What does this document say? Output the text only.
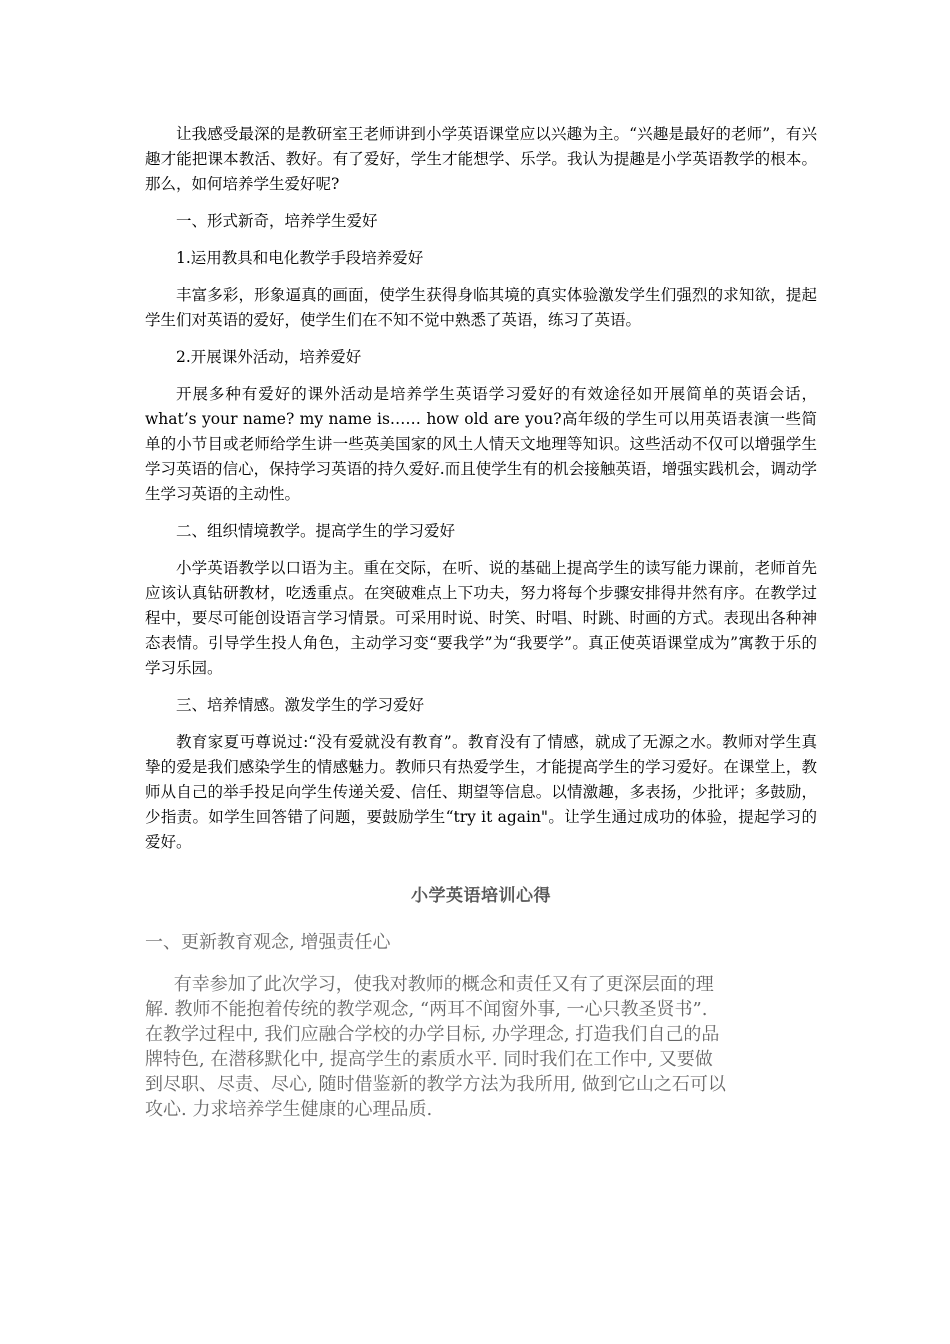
让我感受最深的是教研室王老师讲到小学英语课堂应以兴趣为主。“兴趣是最好的老师”，有兴趣才能把课本教活、教好。有了爱好，学生才能想学、乐学。我认为提趣是小学英语教学的根本。那么，如何培养学生爱好呢?

一、形式新奇，培养学生爱好

1.运用教具和电化教学手段培养爱好

丰富多彩，形象逼真的画面，使学生获得身临其境的真实体验激发学生们强烈的求知欲，提起学生们对英语的爱好，使学生们在不知不觉中熟悉了英语，练习了英语。

2.开展课外活动，培养爱好

开展多种有爱好的课外活动是培养学生英语学习爱好的有效途径如开展简单的英语会话，what’s your name? my name is…… how old are you?高年级的学生可以用英语表演一些简单的小节目或老师给学生讲一些英美国家的风土人情天文地理等知识。这些活动不仅可以增强学生学习英语的信心，保持学习英语的持久爱好.而且使学生有的机会接触英语，增强实践机会，调动学生学习英语的主动性。

二、组织情境教学。提高学生的学习爱好

小学英语教学以口语为主。重在交际，在听、说的基础上提高学生的读写能力课前，老师首先应该认真钻研教材，吃透重点。在突破难点上下功夫，努力将每个步骤安排得井然有序。在教学过程中，要尽可能创设语言学习情景。可采用时说、时笑、时唱、时跳、时画的方式。表现出各种神态表情。引导学生投人角色，主动学习变“要我学”为“我要学”。真正使英语课堂成为”寓教于乐的学习乐园。

三、培养情感。激发学生的学习爱好

教育家夏丏尊说过:“没有爱就没有教育”。教育没有了情感，就成了无源之水。教师对学生真挚的爱是我们感染学生的情感魅力。教师只有热爱学生，才能提高学生的学习爱好。在课堂上，教师从自己的举手投足向学生传递关爱、信任、期望等信息。以情激趣，多表扬，少批评；多鼓励，少指责。如学生回答错了问题，要鼓励学生“try it again"。让学生通过成功的体验，提起学习的爱好。

小学英语培训心得
一、更新教育观念, 增强责任心
有幸参加了此次学习，使我对教师的概念和责任又有了更深层面的理
解. 教师不能抱着传统的教学观念, “两耳不闻窗外事, 一心只教圣贤书”.
在教学过程中, 我们应融合学校的办学目标, 办学理念, 打造我们自己的品
牌特色, 在潜移默化中, 提高学生的素质水平. 同时我们在工作中, 又要做
到尽职、尽责、尽心, 随时借鉴新的教学方法为我所用, 做到它山之石可以
攻心. 力求培养学生健康的心理品质.
